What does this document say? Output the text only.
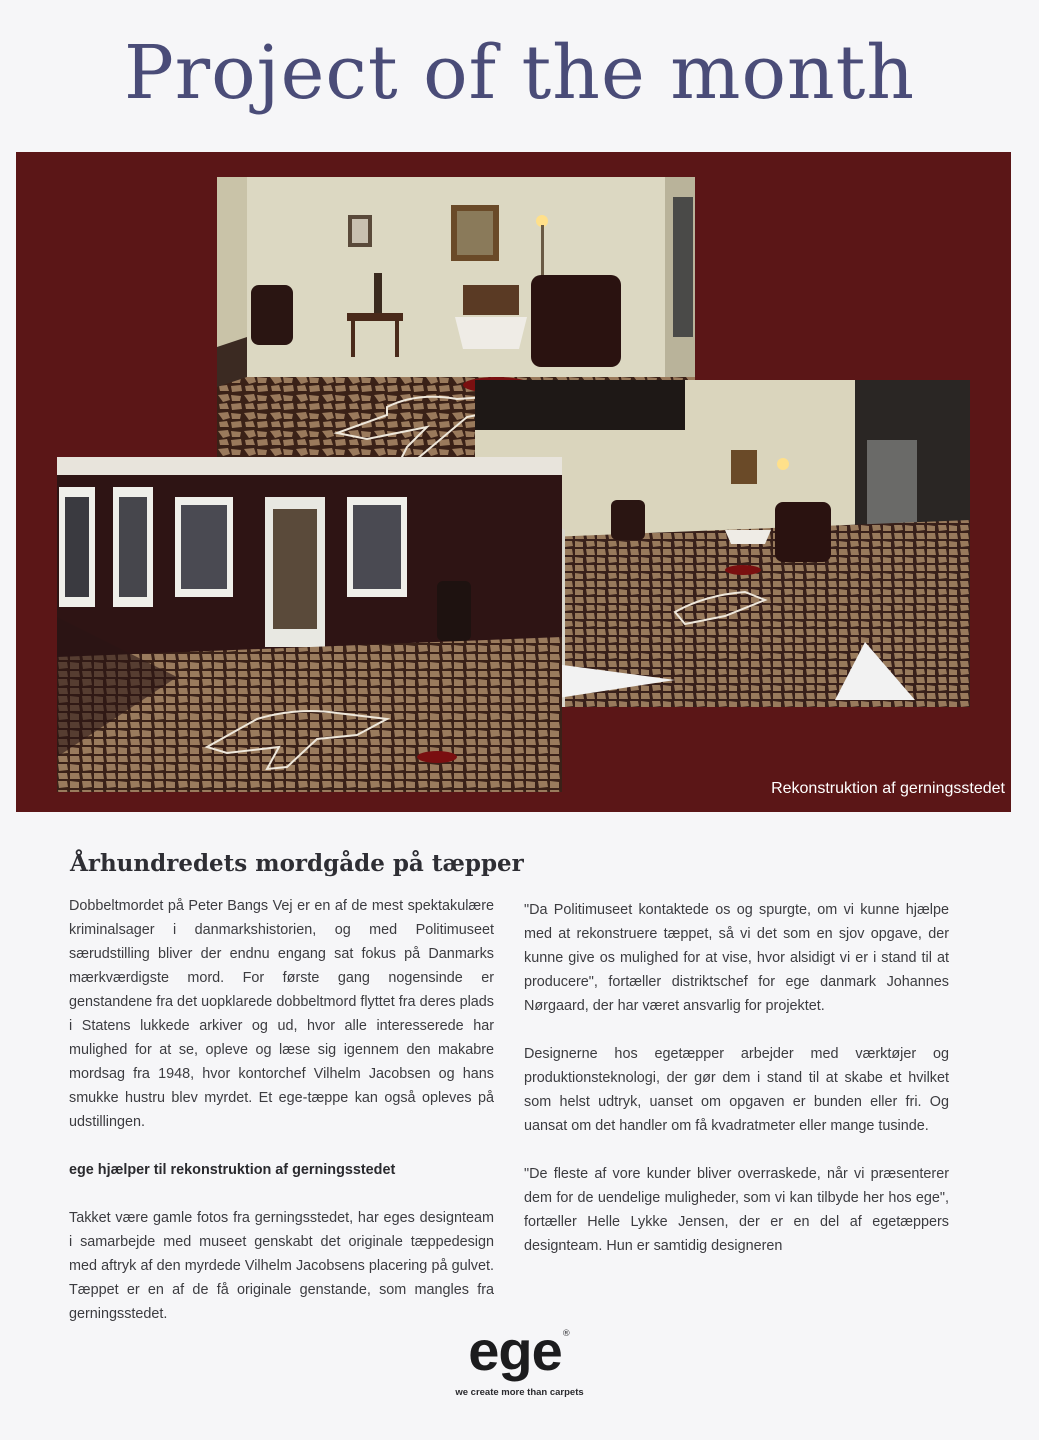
Project of the month
Rekonstruktion af gerningsstedet
Århundredets mordgåde på tæpper

Dobbeltmordet på Peter Bangs Vej er en af de mest spektakulære kriminalsager i danmarkshistorien, og med Politimuseet særudstilling bliver der endnu engang sat fokus på Danmarks mærkværdigste mord. For første gang nogensinde er genstandene fra det uopklarede dobbeltmord flyttet fra deres plads i Statens lukkede arkiver og ud, hvor alle interesserede har mulighed for at se, opleve og læse sig igennem den makabre mordsag fra 1948, hvor kontorchef Vilhelm Jacobsen og hans smukke hustru blev myrdet. Et ege-tæppe kan også opleves på udstillingen.

ege hjælper til rekonstruktion af gerningsstedet

Takket være gamle fotos fra gerningsstedet, har eges designteam i samarbejde med museet genskabt det originale tæppedesign med aftryk af den myrdede Vilhelm Jacobsens placering på gulvet. Tæppet er en af de få originale genstande, som mangles fra gerningsstedet.

"Da Politimuseet kontaktede os og spurgte, om vi kunne hjælpe med at rekonstruere tæppet, så vi det som en sjov opgave, der kunne give os mulighed for at vise, hvor alsidigt vi er i stand til at producere", fortæller distriktschef for ege danmark Johannes Nørgaard, der har været ansvarlig for projektet.

Designerne hos egetæpper arbejder med værktøjer og produktionsteknologi, der gør dem i stand til at skabe et hvilket som helst udtryk, uanset om opgaven er bunden eller fri. Og uansat om det handler om få kvadratmeter eller mange tusinde.

"De fleste af vore kunder bliver overraskede, når vi præsenterer dem for de uendelige muligheder, som vi kan tilbyde her hos ege", fortæller Helle Lykke Jensen, der er en del af egetæppers designteam. Hun er samtidig designeren

ege®
we create more than carpets
